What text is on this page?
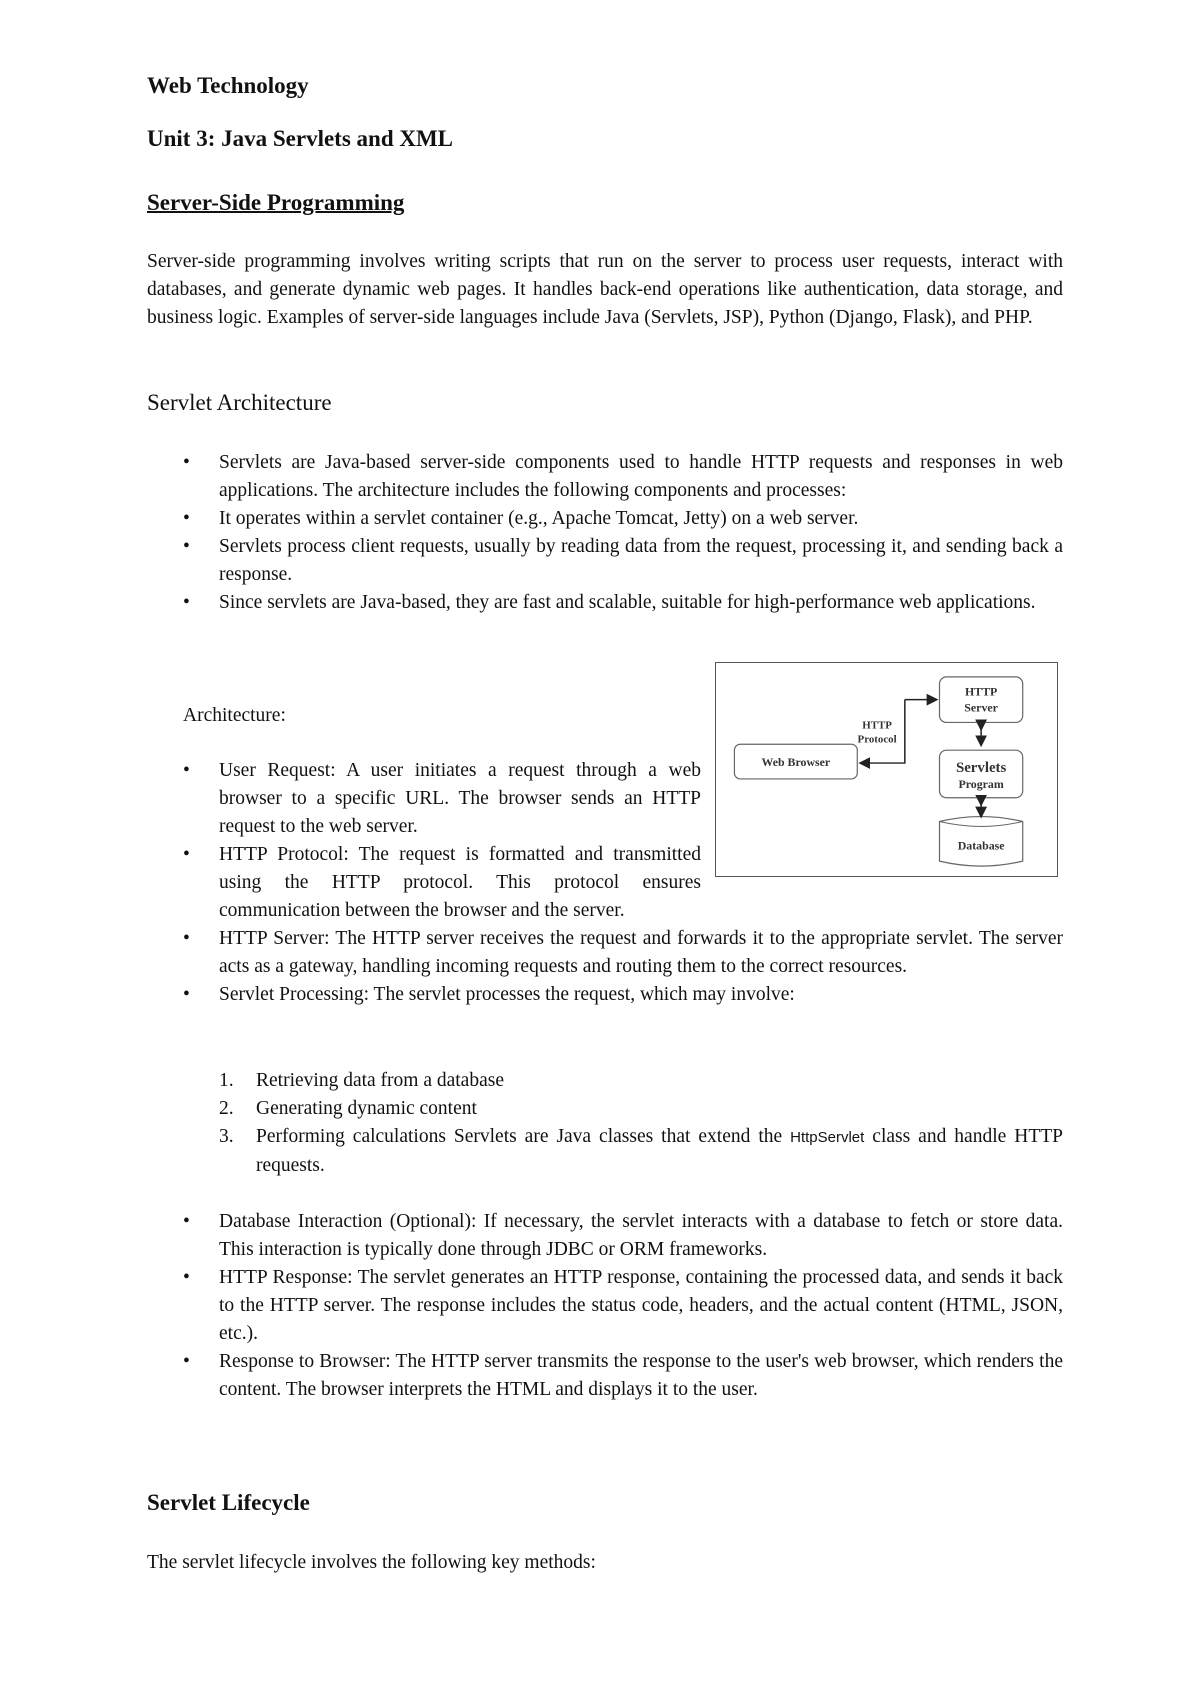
Web Technology
Unit 3: Java Servlets and XML
Server-Side Programming
Server-side programming involves writing scripts that run on the server to process user requests, interact with databases, and generate dynamic web pages. It handles back-end operations like authentication, data storage, and business logic. Examples of server-side languages include Java (Servlets, JSP), Python (Django, Flask), and PHP.
Servlet Architecture
• Servlets are Java-based server-side components used to handle HTTP requests and responses in web applications. The architecture includes the following components and processes:
• It operates within a servlet container (e.g., Apache Tomcat, Jetty) on a web server.
• Servlets process client requests, usually by reading data from the request, processing it, and sending back a response.
• Since servlets are Java-based, they are fast and scalable, suitable for high-performance web applications.
Architecture:
• User Request: A user initiates a request through a web browser to a specific URL. The browser sends an HTTP request to the web server.
• HTTP Protocol: The request is formatted and transmitted using the HTTP protocol. This protocol ensures communication between the browser and the server.
• HTTP Server: The HTTP server receives the request and forwards it to the appropriate servlet. The server acts as a gateway, handling incoming requests and routing them to the correct resources.
• Servlet Processing: The servlet processes the request, which may involve:
1. Retrieving data from a database
2. Generating dynamic content
3. Performing calculations Servlets are Java classes that extend the HttpServlet class and handle HTTP requests.
• Database Interaction (Optional): If necessary, the servlet interacts with a database to fetch or store data. This interaction is typically done through JDBC or ORM frameworks.
• HTTP Response: The servlet generates an HTTP response, containing the processed data, and sends it back to the HTTP server. The response includes the status code, headers, and the actual content (HTML, JSON, etc.).
• Response to Browser: The HTTP server transmits the response to the user's web browser, which renders the content. The browser interprets the HTML and displays it to the user.
Servlet Lifecycle
The servlet lifecycle involves the following key methods:
Web Browser
HTTP
Server
Servlets
Program
Database
HTTP
Protocol
